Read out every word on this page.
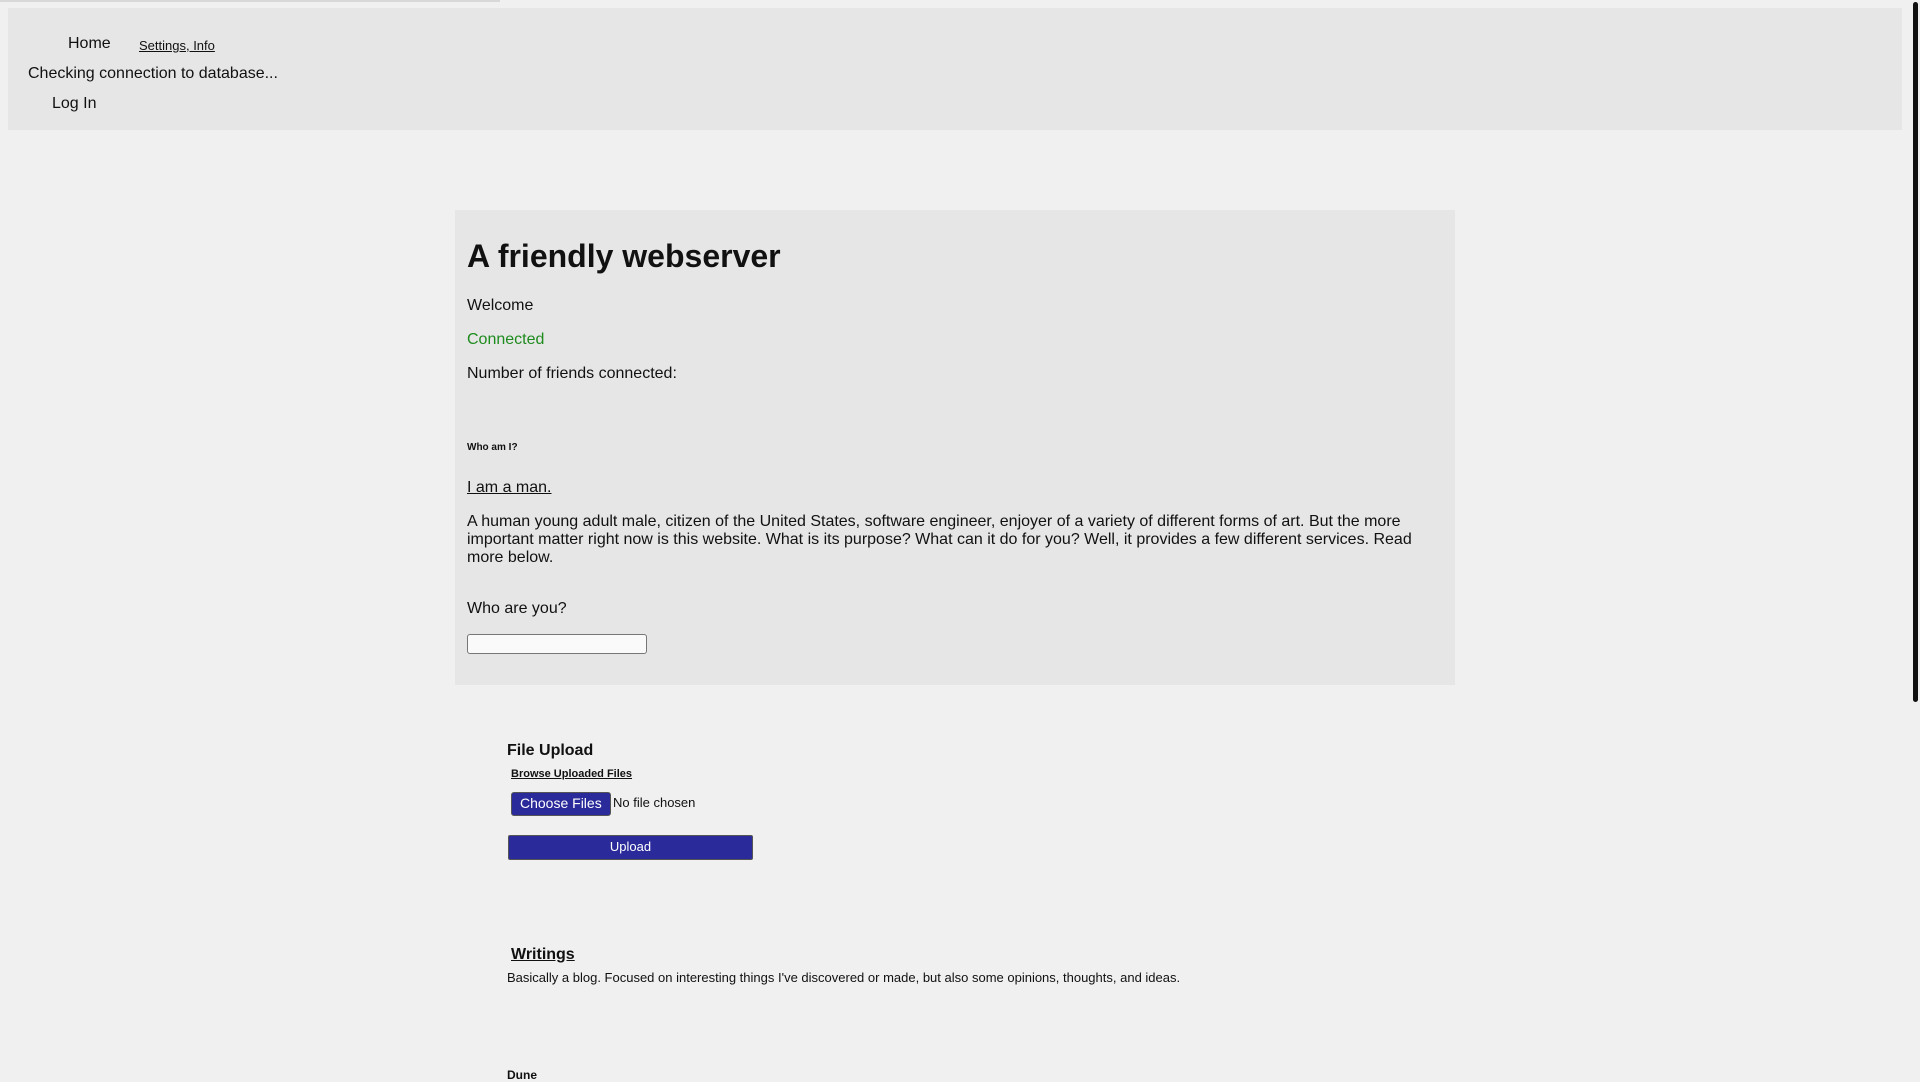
Home Settings, Info
Checking connection to database...
Log In
A friendly webserver
Welcome
Connected
Number of friends connected:
Who am I?
I am a man.
A human young adult male, citizen of the United States, software engineer, enjoyer of a variety of different forms of art. But the more important matter right now is this website. What is its purpose? What can it do for you? Well, it provides a few different services. Read more below.
Who are you?
File Upload
Browse Uploaded Files
Choose Files No file chosen
Upload
Writings
Basically a blog. Focused on interesting things I've discovered or made, but also some opinions, thoughts, and ideas.
Dune
